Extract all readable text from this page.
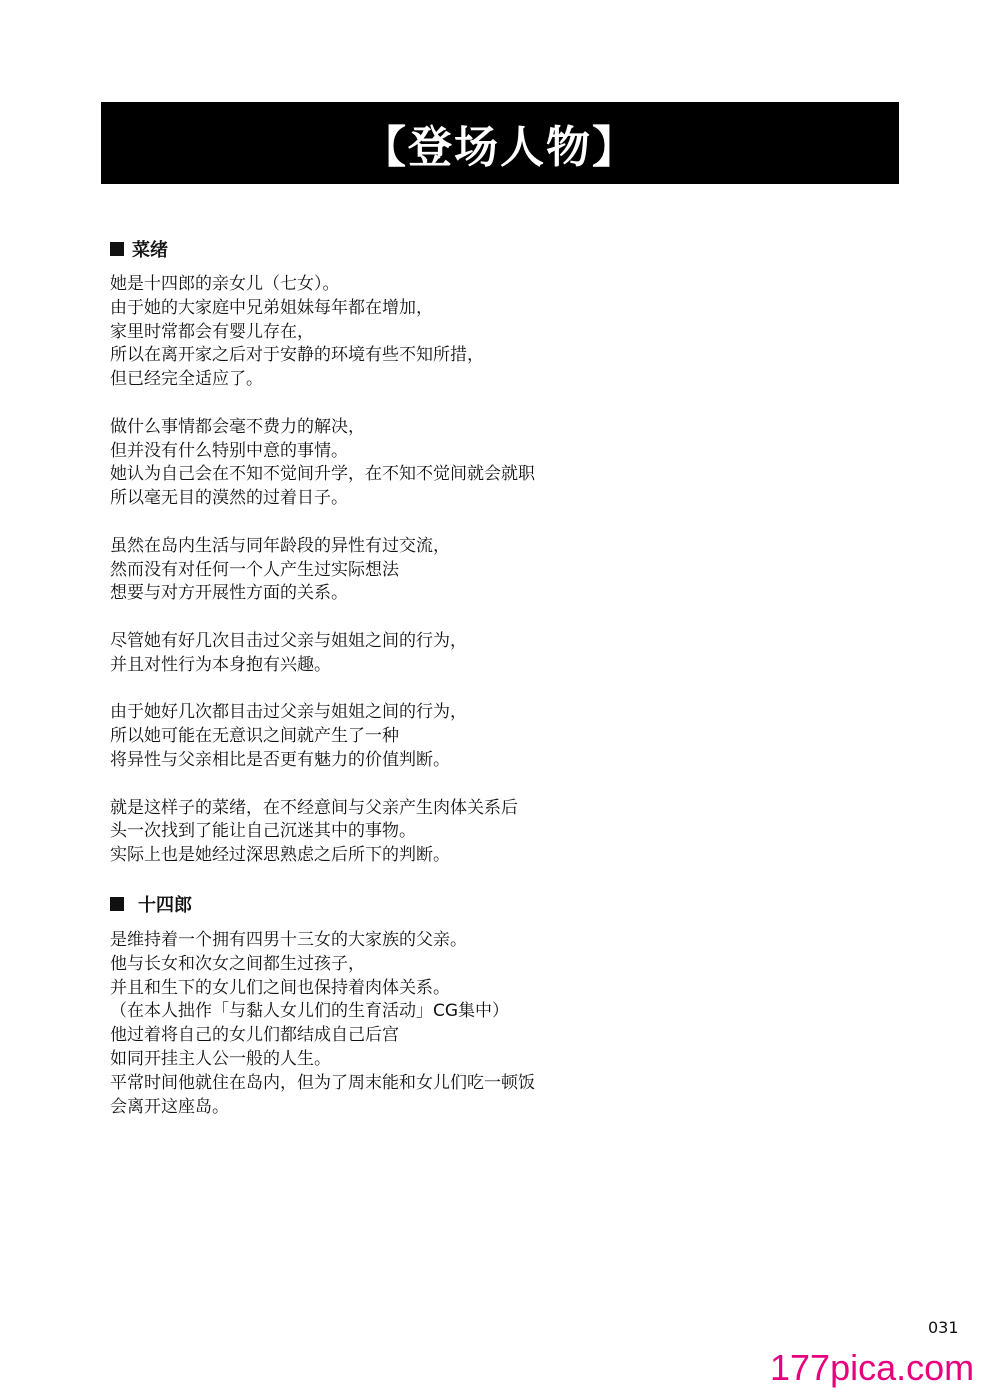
【登场人物】
菜绪

她是十四郎的亲女儿（七女）。
由于她的大家庭中兄弟姐妹每年都在增加，
家里时常都会有婴儿存在，
所以在离开家之后对于安静的环境有些不知所措，
但已经完全适应了。

做什么事情都会毫不费力的解决，
但并没有什么特别中意的事情。
她认为自己会在不知不觉间升学，在不知不觉间就会就职
所以毫无目的漠然的过着日子。

虽然在岛内生活与同年龄段的异性有过交流，
然而没有对任何一个人产生过实际想法
想要与对方开展性方面的关系。

尽管她有好几次目击过父亲与姐姐之间的行为，
并且对性行为本身抱有兴趣。

由于她好几次都目击过父亲与姐姐之间的行为，
所以她可能在无意识之间就产生了一种
将异性与父亲相比是否更有魅力的价值判断。

就是这样子的菜绪，在不经意间与父亲产生肉体关系后
头一次找到了能让自己沉迷其中的事物。
实际上也是她经过深思熟虑之后所下的判断。

十四郎

是维持着一个拥有四男十三女的大家族的父亲。
他与长女和次女之间都生过孩子，
并且和生下的女儿们之间也保持着肉体关系。
（在本人拙作「与黏人女儿们的生育活动」CG集中）
他过着将自己的女儿们都结成自己后宫
如同开挂主人公一般的人生。
平常时间他就住在岛内，但为了周末能和女儿们吃一顿饭
会离开这座岛。

031
177pica.com
